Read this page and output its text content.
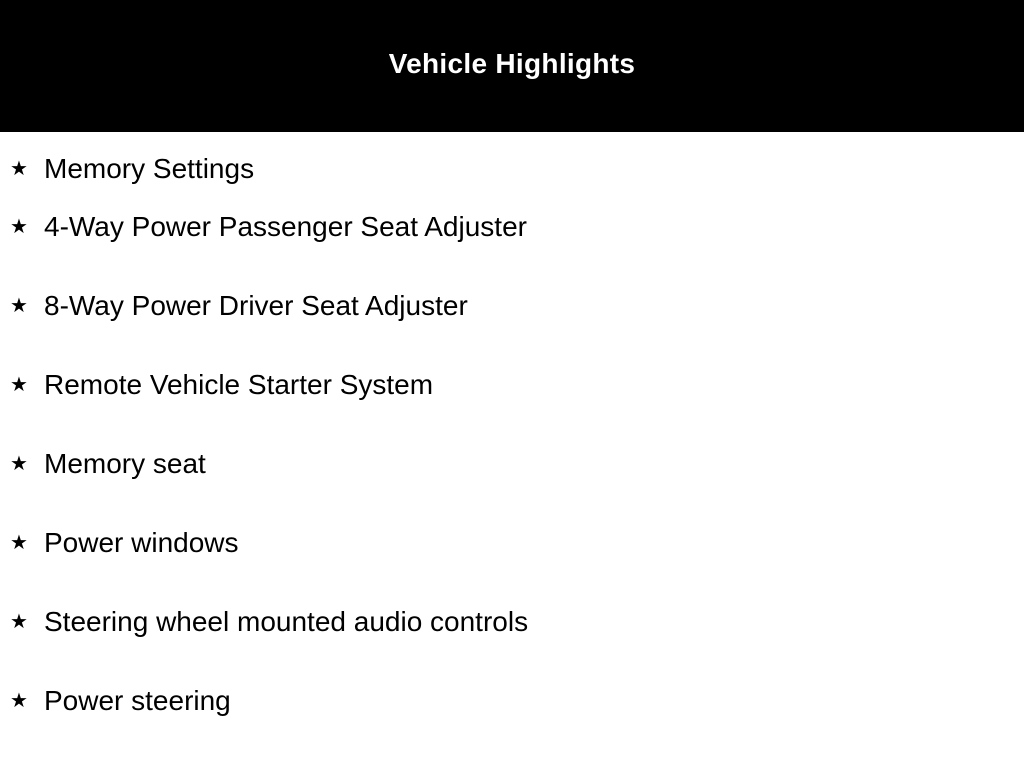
Vehicle Highlights
★ Memory Settings
★ 4-Way Power Passenger Seat Adjuster
★ 8-Way Power Driver Seat Adjuster
★ Remote Vehicle Starter System
★ Memory seat
★ Power windows
★ Steering wheel mounted audio controls
★ Power steering
